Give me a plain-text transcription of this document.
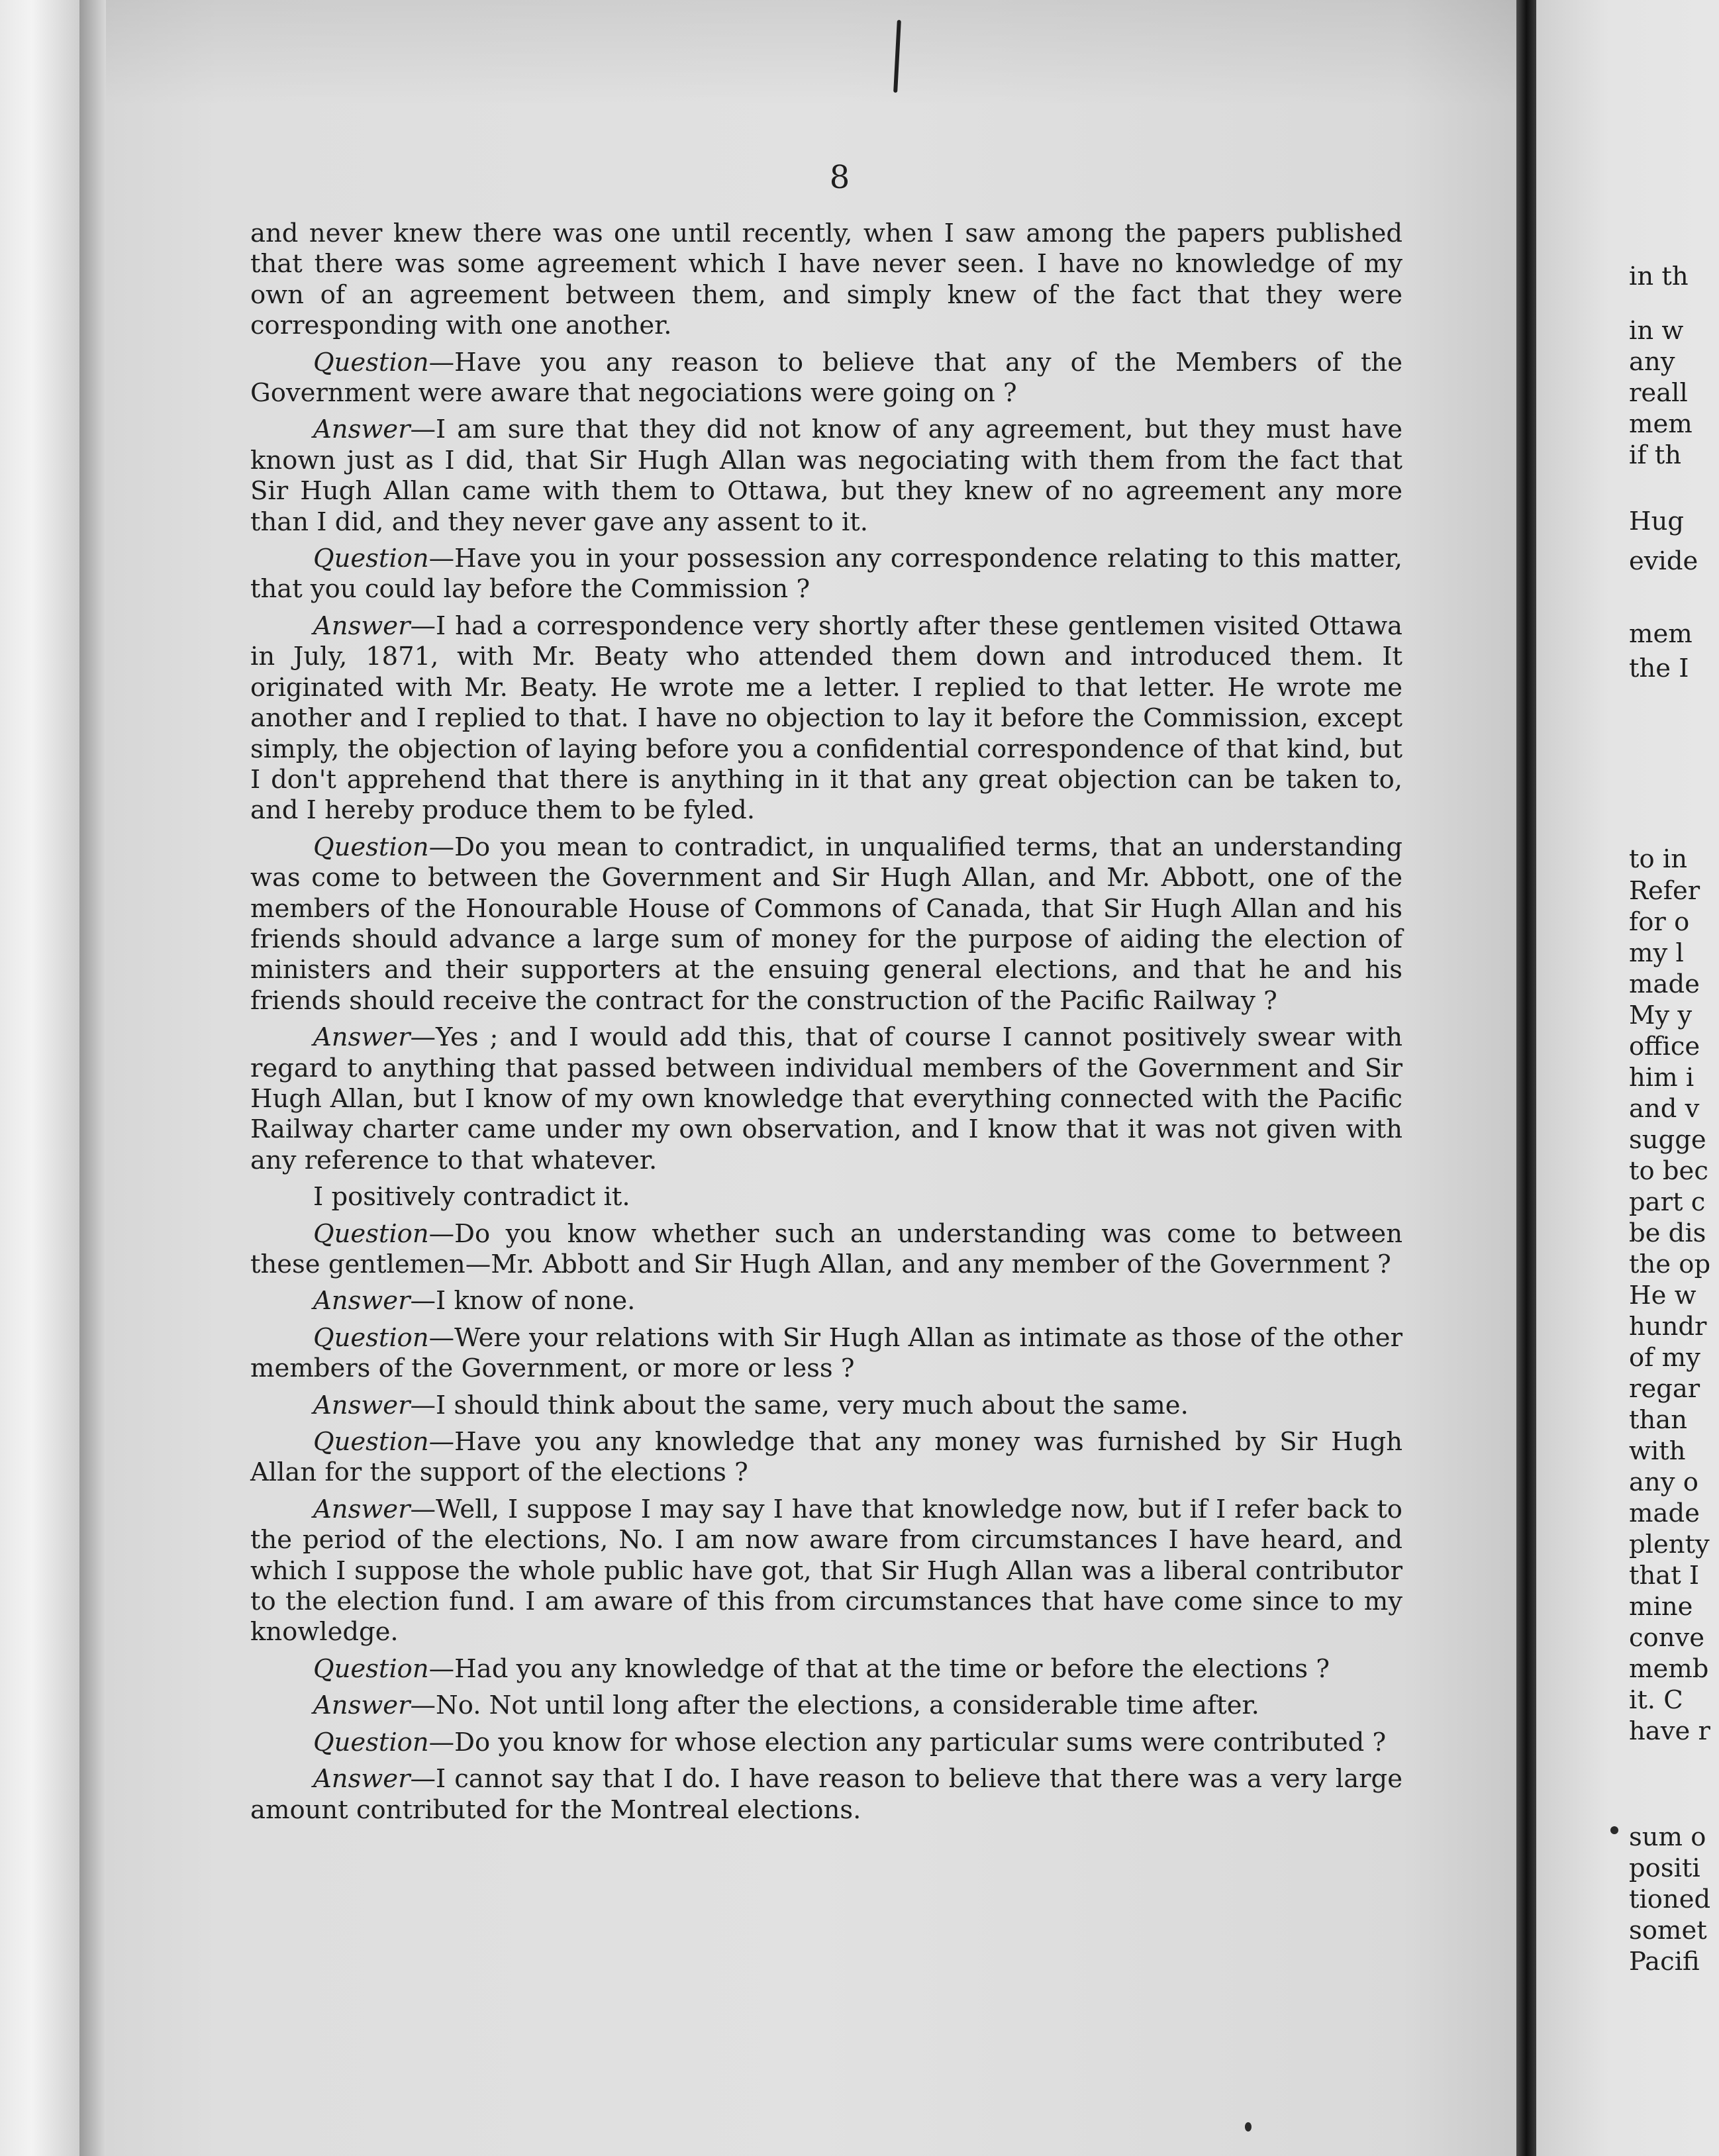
8

and never knew there was one until recently, when I saw among the papers published that there was some agreement which I have never seen. I have no knowledge of my own of an agreement between them, and simply knew of the fact that they were corresponding with one another.

Question—Have you any reason to believe that any of the Members of the Government were aware that negociations were going on ?

Answer—I am sure that they did not know of any agreement, but they must have known just as I did, that Sir Hugh Allan was negociating with them from the fact that Sir Hugh Allan came with them to Ottawa, but they knew of no agreement any more than I did, and they never gave any assent to it.

Question—Have you in your possession any correspondence relating to this matter, that you could lay before the Commission ?

Answer—I had a correspondence very shortly after these gentlemen visited Ottawa in July, 1871, with Mr. Beaty who attended them down and introduced them. It originated with Mr. Beaty. He wrote me a letter. I replied to that letter. He wrote me another and I replied to that. I have no objection to lay it before the Commission, except simply, the objection of laying before you a confidential correspondence of that kind, but I don't apprehend that there is anything in it that any great objection can be taken to, and I hereby produce them to be fyled.

Question—Do you mean to contradict, in unqualified terms, that an understanding was come to between the Government and Sir Hugh Allan, and Mr. Abbott, one of the members of the Honourable House of Commons of Canada, that Sir Hugh Allan and his friends should advance a large sum of money for the purpose of aiding the election of ministers and their supporters at the ensuing general elections, and that he and his friends should receive the contract for the construction of the Pacific Railway ?

Answer—Yes ; and I would add this, that of course I cannot positively swear with regard to anything that passed between individual members of the Government and Sir Hugh Allan, but I know of my own knowledge that everything connected with the Pacific Railway charter came under my own observation, and I know that it was not given with any reference to that whatever.

I positively contradict it.

Question—Do you know whether such an understanding was come to between these gentlemen—Mr. Abbott and Sir Hugh Allan, and any member of the Government ?

Answer—I know of none.

Question—Were your relations with Sir Hugh Allan as intimate as those of the other members of the Government, or more or less ?

Answer—I should think about the same, very much about the same.

Question—Have you any knowledge that any money was furnished by Sir Hugh Allan for the support of the elections ?

Answer—Well, I suppose I may say I have that knowledge now, but if I refer back to the period of the elections, No. I am now aware from circumstances I have heard, and which I suppose the whole public have got, that Sir Hugh Allan was a liberal contributor to the election fund. I am aware of this from circumstances that have come since to my knowledge.

Question—Had you any knowledge of that at the time or before the elections ?

Answer—No. Not until long after the elections, a considerable time after.

Question—Do you know for whose election any particular sums were contributed ?

Answer—I cannot say that I do. I have reason to believe that there was a very large amount contributed for the Montreal elections.

in th
in w
any
reall
mem
if th
Hug
evide
mem
the I
to in
Refer
for o
my l
made
My y
office
him i
and v
sugge
to bec
part c
be dis
the op
He w
hundr
of my
regar
than
with
any o
made
plenty
that I
mine
conve
memb
it. C
have r
sum o
positi
tioned
somet
Pacifi
